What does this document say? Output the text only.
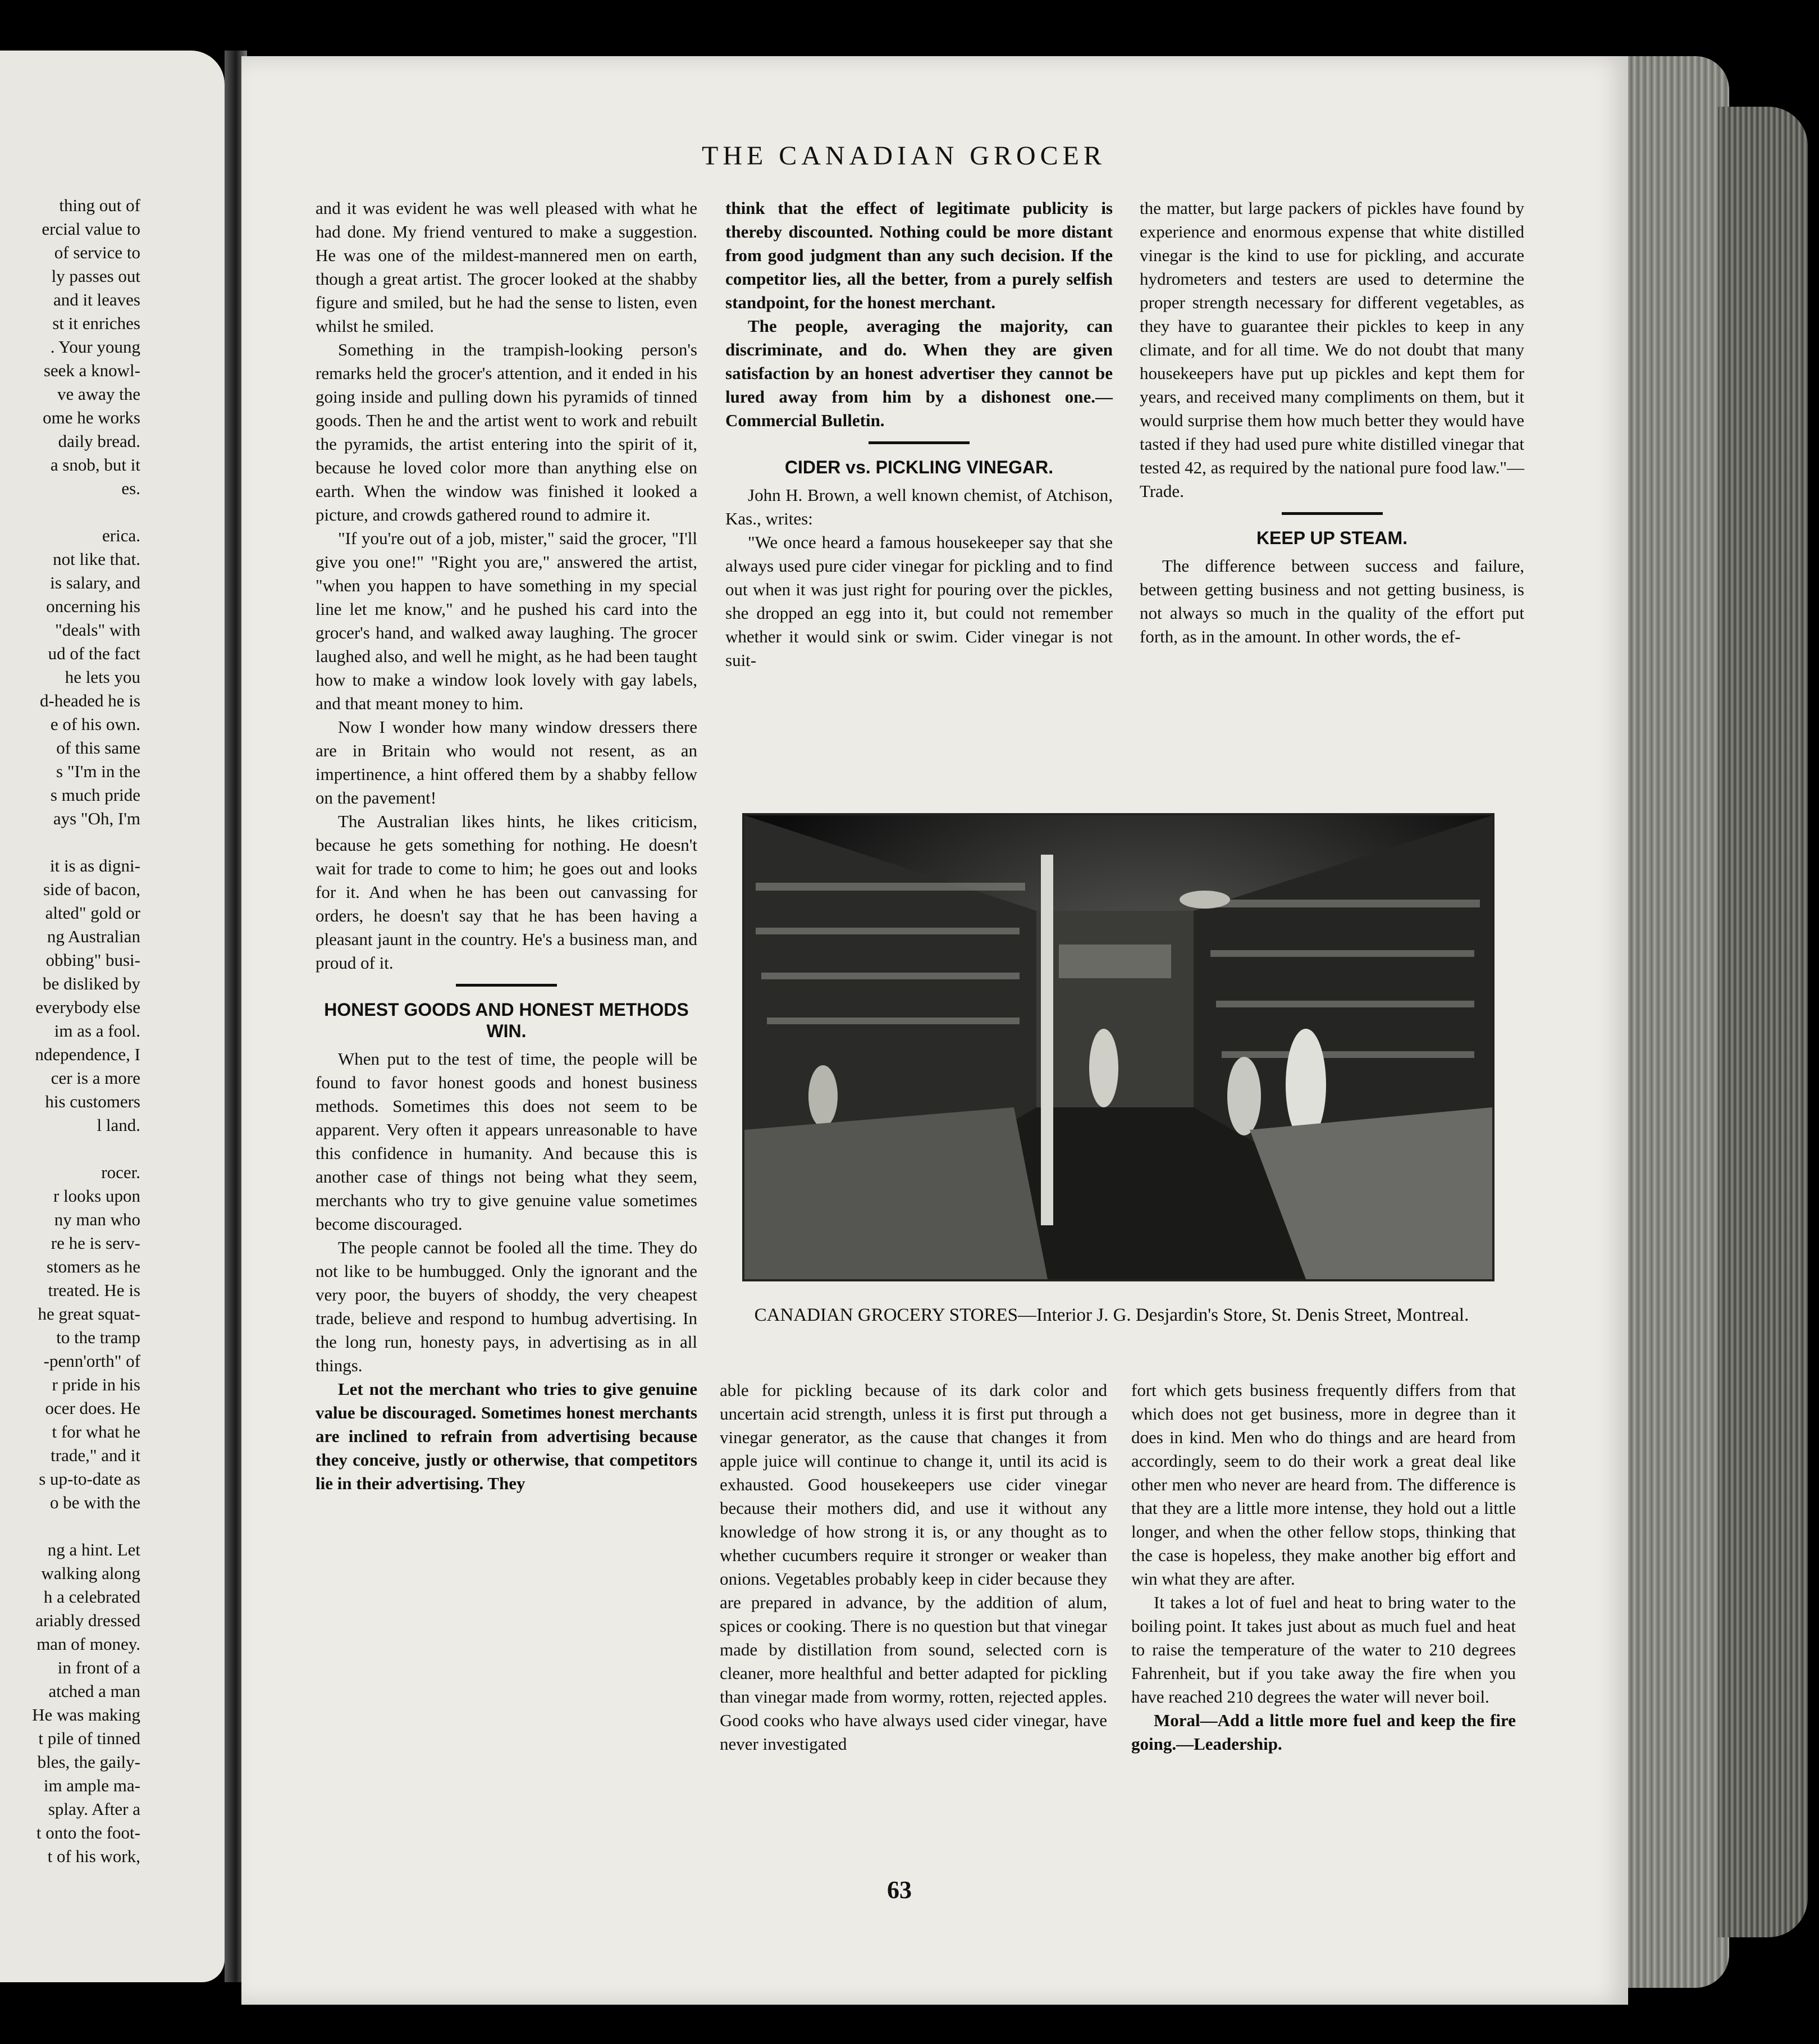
thing out of
ercial value to
of service to
ly passes out
and it leaves
st it enriches
. Your young
seek a knowl-
ve away the
ome he works
daily bread.
a snob, but it
es.
erica.
not like that.
is salary, and
oncerning his
"deals" with
ud of the fact
he lets you
d-headed he is
e of his own.
of this same
s "I'm in the
s much pride
ays "Oh, I'm
it is as digni-
side of bacon,
alted" gold or
ng Australian
obbing" busi-
be disliked by
everybody else
im as a fool.
ndependence, I
cer is a more
his customers
l land.
rocer.
r looks upon
ny man who
re he is serv-
stomers as he
treated. He is
he great squat-
to the tramp
-penn'orth" of
r pride in his
ocer does. He
t for what he
trade," and it
s up-to-date as
o be with the
ng a hint. Let
walking along
h a celebrated
ariably dressed
man of money.
in front of a
atched a man
He was making
t pile of tinned
bles, the gaily-
im ample ma-
splay. After a
t onto the foot-
t of his work,
THE CANADIAN GROCER

and it was evident he was well pleased with what he had done. My friend ventured to make a suggestion. He was one of the mildest-mannered men on earth, though a great artist. The grocer looked at the shabby figure and smiled, but he had the sense to listen, even whilst he smiled.

Something in the trampish-looking person's remarks held the grocer's attention, and it ended in his going inside and pulling down his pyramids of tinned goods. Then he and the artist went to work and rebuilt the pyramids, the artist entering into the spirit of it, because he loved color more than anything else on earth. When the window was finished it looked a picture, and crowds gathered round to admire it.

"If you're out of a job, mister," said the grocer, "I'll give you one!" "Right you are," answered the artist, "when you happen to have something in my special line let me know," and he pushed his card into the grocer's hand, and walked away laughing. The grocer laughed also, and well he might, as he had been taught how to make a window look lovely with gay labels, and that meant money to him.

Now I wonder how many window dressers there are in Britain who would not resent, as an impertinence, a hint offered them by a shabby fellow on the pavement!

The Australian likes hints, he likes criticism, because he gets something for nothing. He doesn't wait for trade to come to him; he goes out and looks for it. And when he has been out canvassing for orders, he doesn't say that he has been having a pleasant jaunt in the country. He's a business man, and proud of it.

HONEST GOODS AND HONEST METHODS WIN.

When put to the test of time, the people will be found to favor honest goods and honest business methods. Sometimes this does not seem to be apparent. Very often it appears unreasonable to have this confidence in humanity. And because this is another case of things not being what they seem, merchants who try to give genuine value sometimes become discouraged.

The people cannot be fooled all the time. They do not like to be humbugged. Only the ignorant and the very poor, the buyers of shoddy, the very cheapest trade, believe and respond to humbug advertising. In the long run, honesty pays, in advertising as in all things.

Let not the merchant who tries to give genuine value be discouraged. Sometimes honest merchants are inclined to refrain from advertising because they conceive, justly or otherwise, that competitors lie in their advertising. They

think that the effect of legitimate publicity is thereby discounted. Nothing could be more distant from good judgment than any such decision. If the competitor lies, all the better, from a purely selfish standpoint, for the honest merchant.

The people, averaging the majority, can discriminate, and do. When they are given satisfaction by an honest advertiser they cannot be lured away from him by a dishonest one.—Commercial Bulletin.

CIDER vs. PICKLING VINEGAR.

John H. Brown, a well known chemist, of Atchison, Kas., writes:

"We once heard a famous housekeeper say that she always used pure cider vinegar for pickling and to find out when it was just right for pouring over the pickles, she dropped an egg into it, but could not remember whether it would sink or swim. Cider vinegar is not suit-

the matter, but large packers of pickles have found by experience and enormous expense that white distilled vinegar is the kind to use for pickling, and accurate hydrometers and testers are used to determine the proper strength necessary for different vegetables, as they have to guarantee their pickles to keep in any climate, and for all time. We do not doubt that many housekeepers have put up pickles and kept them for years, and received many compliments on them, but it would surprise them how much better they would have tasted if they had used pure white distilled vinegar that tested 42, as required by the national pure food law."—Trade.

KEEP UP STEAM.

The difference between success and failure, between getting business and not getting business, is not always so much in the quality of the effort put forth, as in the amount. In other words, the ef-

CANADIAN GROCERY STORES—Interior J. G. Desjardin's Store, St. Denis Street, Montreal.

able for pickling because of its dark color and uncertain acid strength, unless it is first put through a vinegar generator, as the cause that changes it from apple juice will continue to change it, until its acid is exhausted. Good housekeepers use cider vinegar because their mothers did, and use it without any knowledge of how strong it is, or any thought as to whether cucumbers require it stronger or weaker than onions. Vegetables probably keep in cider because they are prepared in advance, by the addition of alum, spices or cooking. There is no question but that vinegar made by distillation from sound, selected corn is cleaner, more healthful and better adapted for pickling than vinegar made from wormy, rotten, rejected apples. Good cooks who have always used cider vinegar, have never investigated

fort which gets business frequently differs from that which does not get business, more in degree than it does in kind. Men who do things and are heard from accordingly, seem to do their work a great deal like other men who never are heard from. The difference is that they are a little more intense, they hold out a little longer, and when the other fellow stops, thinking that the case is hopeless, they make another big effort and win what they are after.

It takes a lot of fuel and heat to bring water to the boiling point. It takes just about as much fuel and heat to raise the temperature of the water to 210 degrees Fahrenheit, but if you take away the fire when you have reached 210 degrees the water will never boil.

Moral—Add a little more fuel and keep the fire going.—Leadership.

63
